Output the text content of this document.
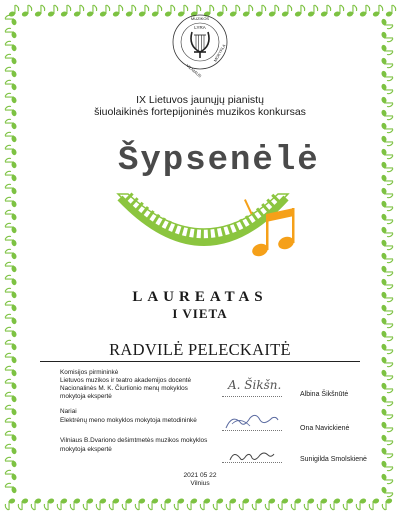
LYRA
VILNIAUS
MUZIKOS
MOKYKLA
IX Lietuvos jaunųjų pianistų
šiuolaikinės fortepijoninės muzikos konkursas
Šypsenėlė
LAUREATAS
I VIETA
RADVILĖ PELECKAITĖ
Komisijos pirmininkė
Lietuvos muzikos ir teatro akademijos docentė
Nacionalinės M. K. Čiurlionio menų mokyklos
mokytoja ekspertė
A. Šikšn.
Albina Šikšnūtė
Nariai
Elektrėnų meno mokyklos mokytoja metodininkė
Ona Navickienė
Vilniaus B.Dvariono dešimtmetės muzikos mokyklos
mokytoja ekspertė
Sunigilda Smolskienė
2021 05 22
Vilnius
